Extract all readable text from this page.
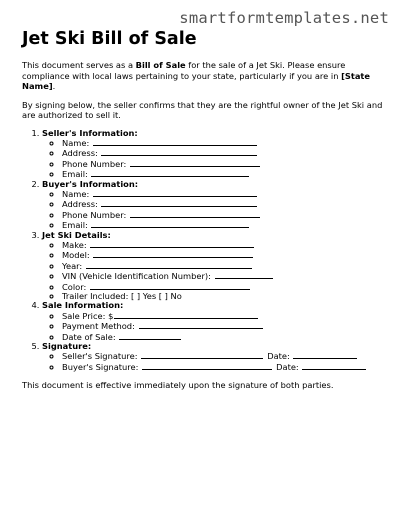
smartformtemplates.net
Jet Ski Bill of Sale

This document serves as a Bill of Sale for the sale of a Jet Ski. Please ensure compliance with local laws pertaining to your state, particularly if you are in [State Name].

By signing below, the seller confirms that they are the rightful owner of the Jet Ski and are authorized to sell it.

1. Seller's Information:
◦ Name:
◦ Address:
◦ Phone Number:
◦ Email:
2. Buyer's Information:
◦ Name:
◦ Address:
◦ Phone Number:
◦ Email:
3. Jet Ski Details:
◦ Make:
◦ Model:
◦ Year:
◦ VIN (Vehicle Identification Number):
◦ Color:
◦ Trailer Included: [ ] Yes [ ] No
4. Sale Information:
◦ Sale Price: $
◦ Payment Method:
◦ Date of Sale:
5. Signature:
◦ Seller's Signature:	Date:
◦ Buyer's Signature:	Date:

This document is effective immediately upon the signature of both parties.
